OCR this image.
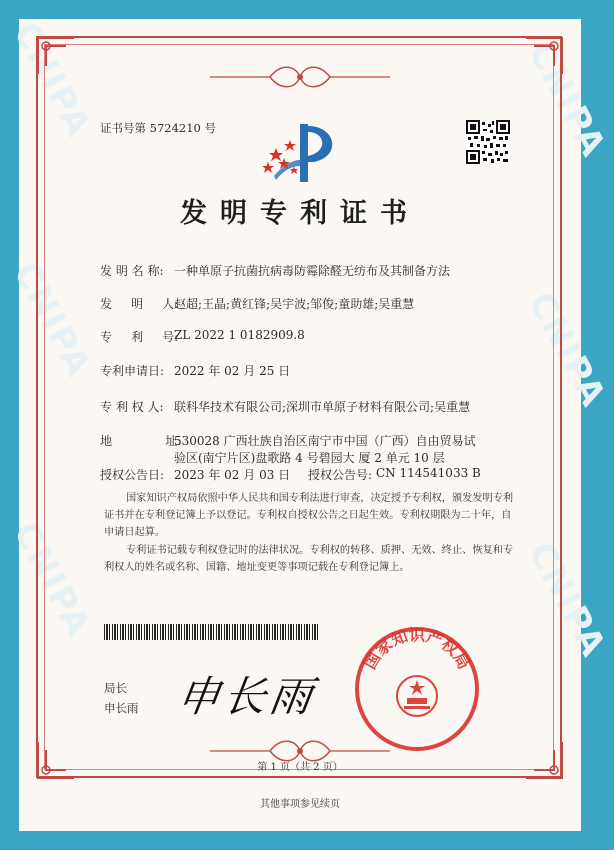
CNIPA
CNIPA
CNIPA
CNIPA
CNIPA
CNIPA
证书号第 5724210 号
发明专利证书
发 明 名 称: 一种单原子抗菌抗病毒防霉除醛无纺布及其制备方法
发     明     人:
赵超;王晶;黄红锋;吴宇波;邹俊;童助雄;吴重慧
专     利     号:
ZL 2022 1 0182909.8
专利申请日: 2022 年 02 月 25 日
专 利 权 人: 联科华技术有限公司;深圳市单原子材料有限公司;吴重慧
地              址:
530028 广西壮族自治区南宁市中国（广西）自由贸易试
验区(南宁片区)盘歌路 4 号碧园大 厦 2 单元 10 层
授权公告日: 2023 年 02 月 03 日 授权公告号: CN 114541033 B
国家知识产权局依照中华人民共和国专利法进行审查，决定授予专利权，颁发发明专利证书并在专利登记簿上予以登记。专利权自授权公告之日起生效。专利权期限为二十年，自申请日起算。
专利证书记载专利权登记时的法律状况。专利权的转移、质押、无效、终止、恢复和专利权人的姓名或名称、国籍、地址变更等事项记载在专利登记簿上。
局长
申长雨 申长雨
国家知识产权局
第 1 页（共 2 页）
其他事项参见续页
